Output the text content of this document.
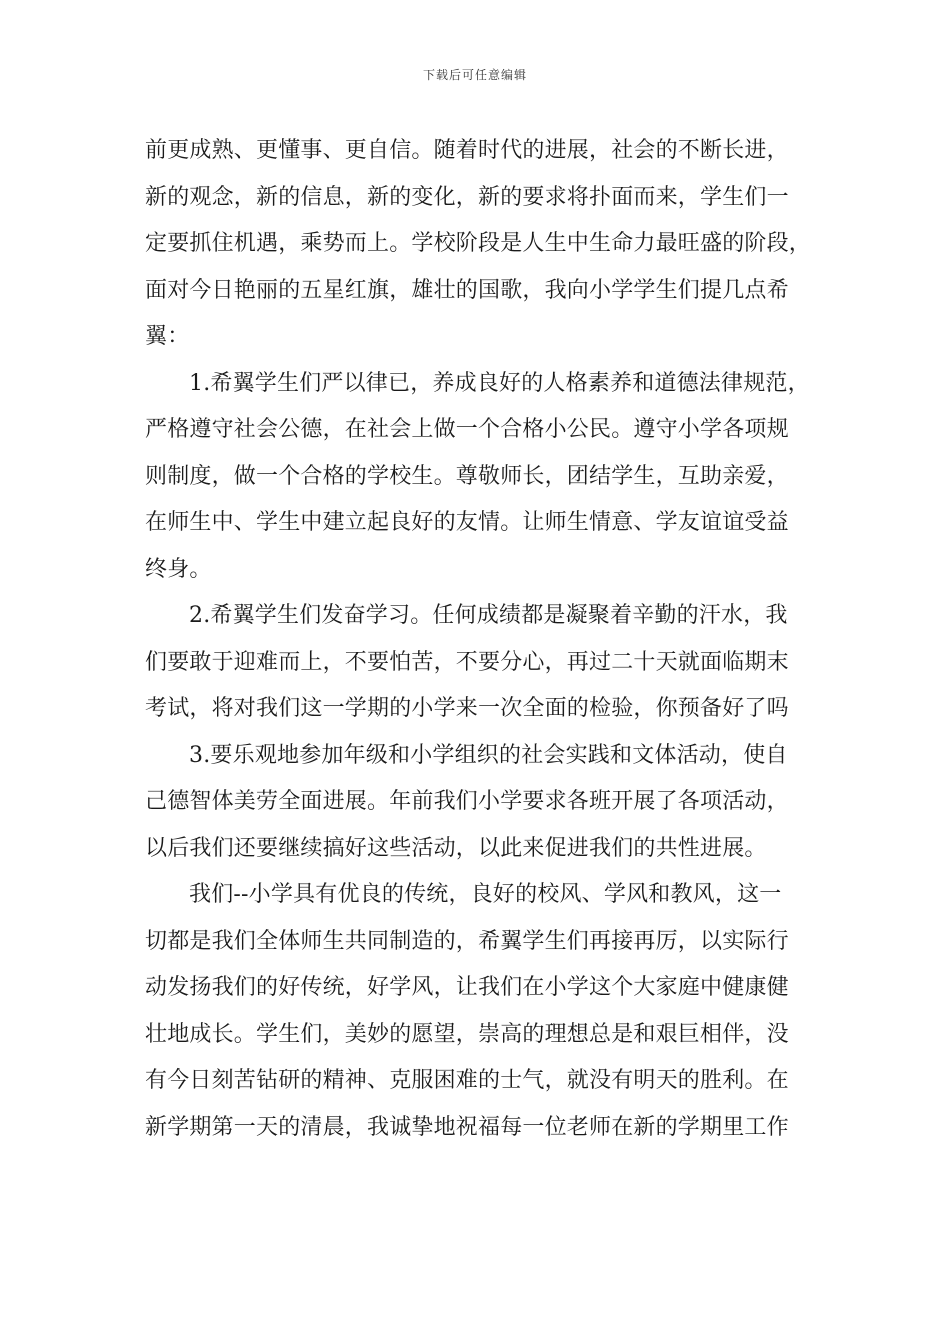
下载后可任意编辑
前更成熟、更懂事、更自信。随着时代的进展，社会的不断长进，
新的观念，新的信息，新的变化，新的要求将扑面而来，学生们一
定要抓住机遇，乘势而上。学校阶段是人生中生命力最旺盛的阶段，
面对今日艳丽的五星红旗，雄壮的国歌，我向小学学生们提几点希
翼：
1.希翼学生们严以律已，养成良好的人格素养和道德法律规范，
严格遵守社会公德，在社会上做一个合格小公民。遵守小学各项规
则制度，做一个合格的学校生。尊敬师长，团结学生，互助亲爱，
在师生中、学生中建立起良好的友情。让师生情意、学友谊谊受益
终身。
2.希翼学生们发奋学习。任何成绩都是凝聚着辛勤的汗水，我
们要敢于迎难而上，不要怕苦，不要分心，再过二十天就面临期末
考试，将对我们这一学期的小学来一次全面的检验，你预备好了吗
3.要乐观地参加年级和小学组织的社会实践和文体活动，使自
己德智体美劳全面进展。年前我们小学要求各班开展了各项活动，
以后我们还要继续搞好这些活动，以此来促进我们的共性进展。
我们--小学具有优良的传统，良好的校风、学风和教风，这一
切都是我们全体师生共同制造的，希翼学生们再接再厉，以实际行
动发扬我们的好传统，好学风，让我们在小学这个大家庭中健康健
壮地成长。学生们，美妙的愿望，崇高的理想总是和艰巨相伴，没
有今日刻苦钻研的精神、克服困难的士气，就没有明天的胜利。在
新学期第一天的清晨，我诚挚地祝福每一位老师在新的学期里工作
